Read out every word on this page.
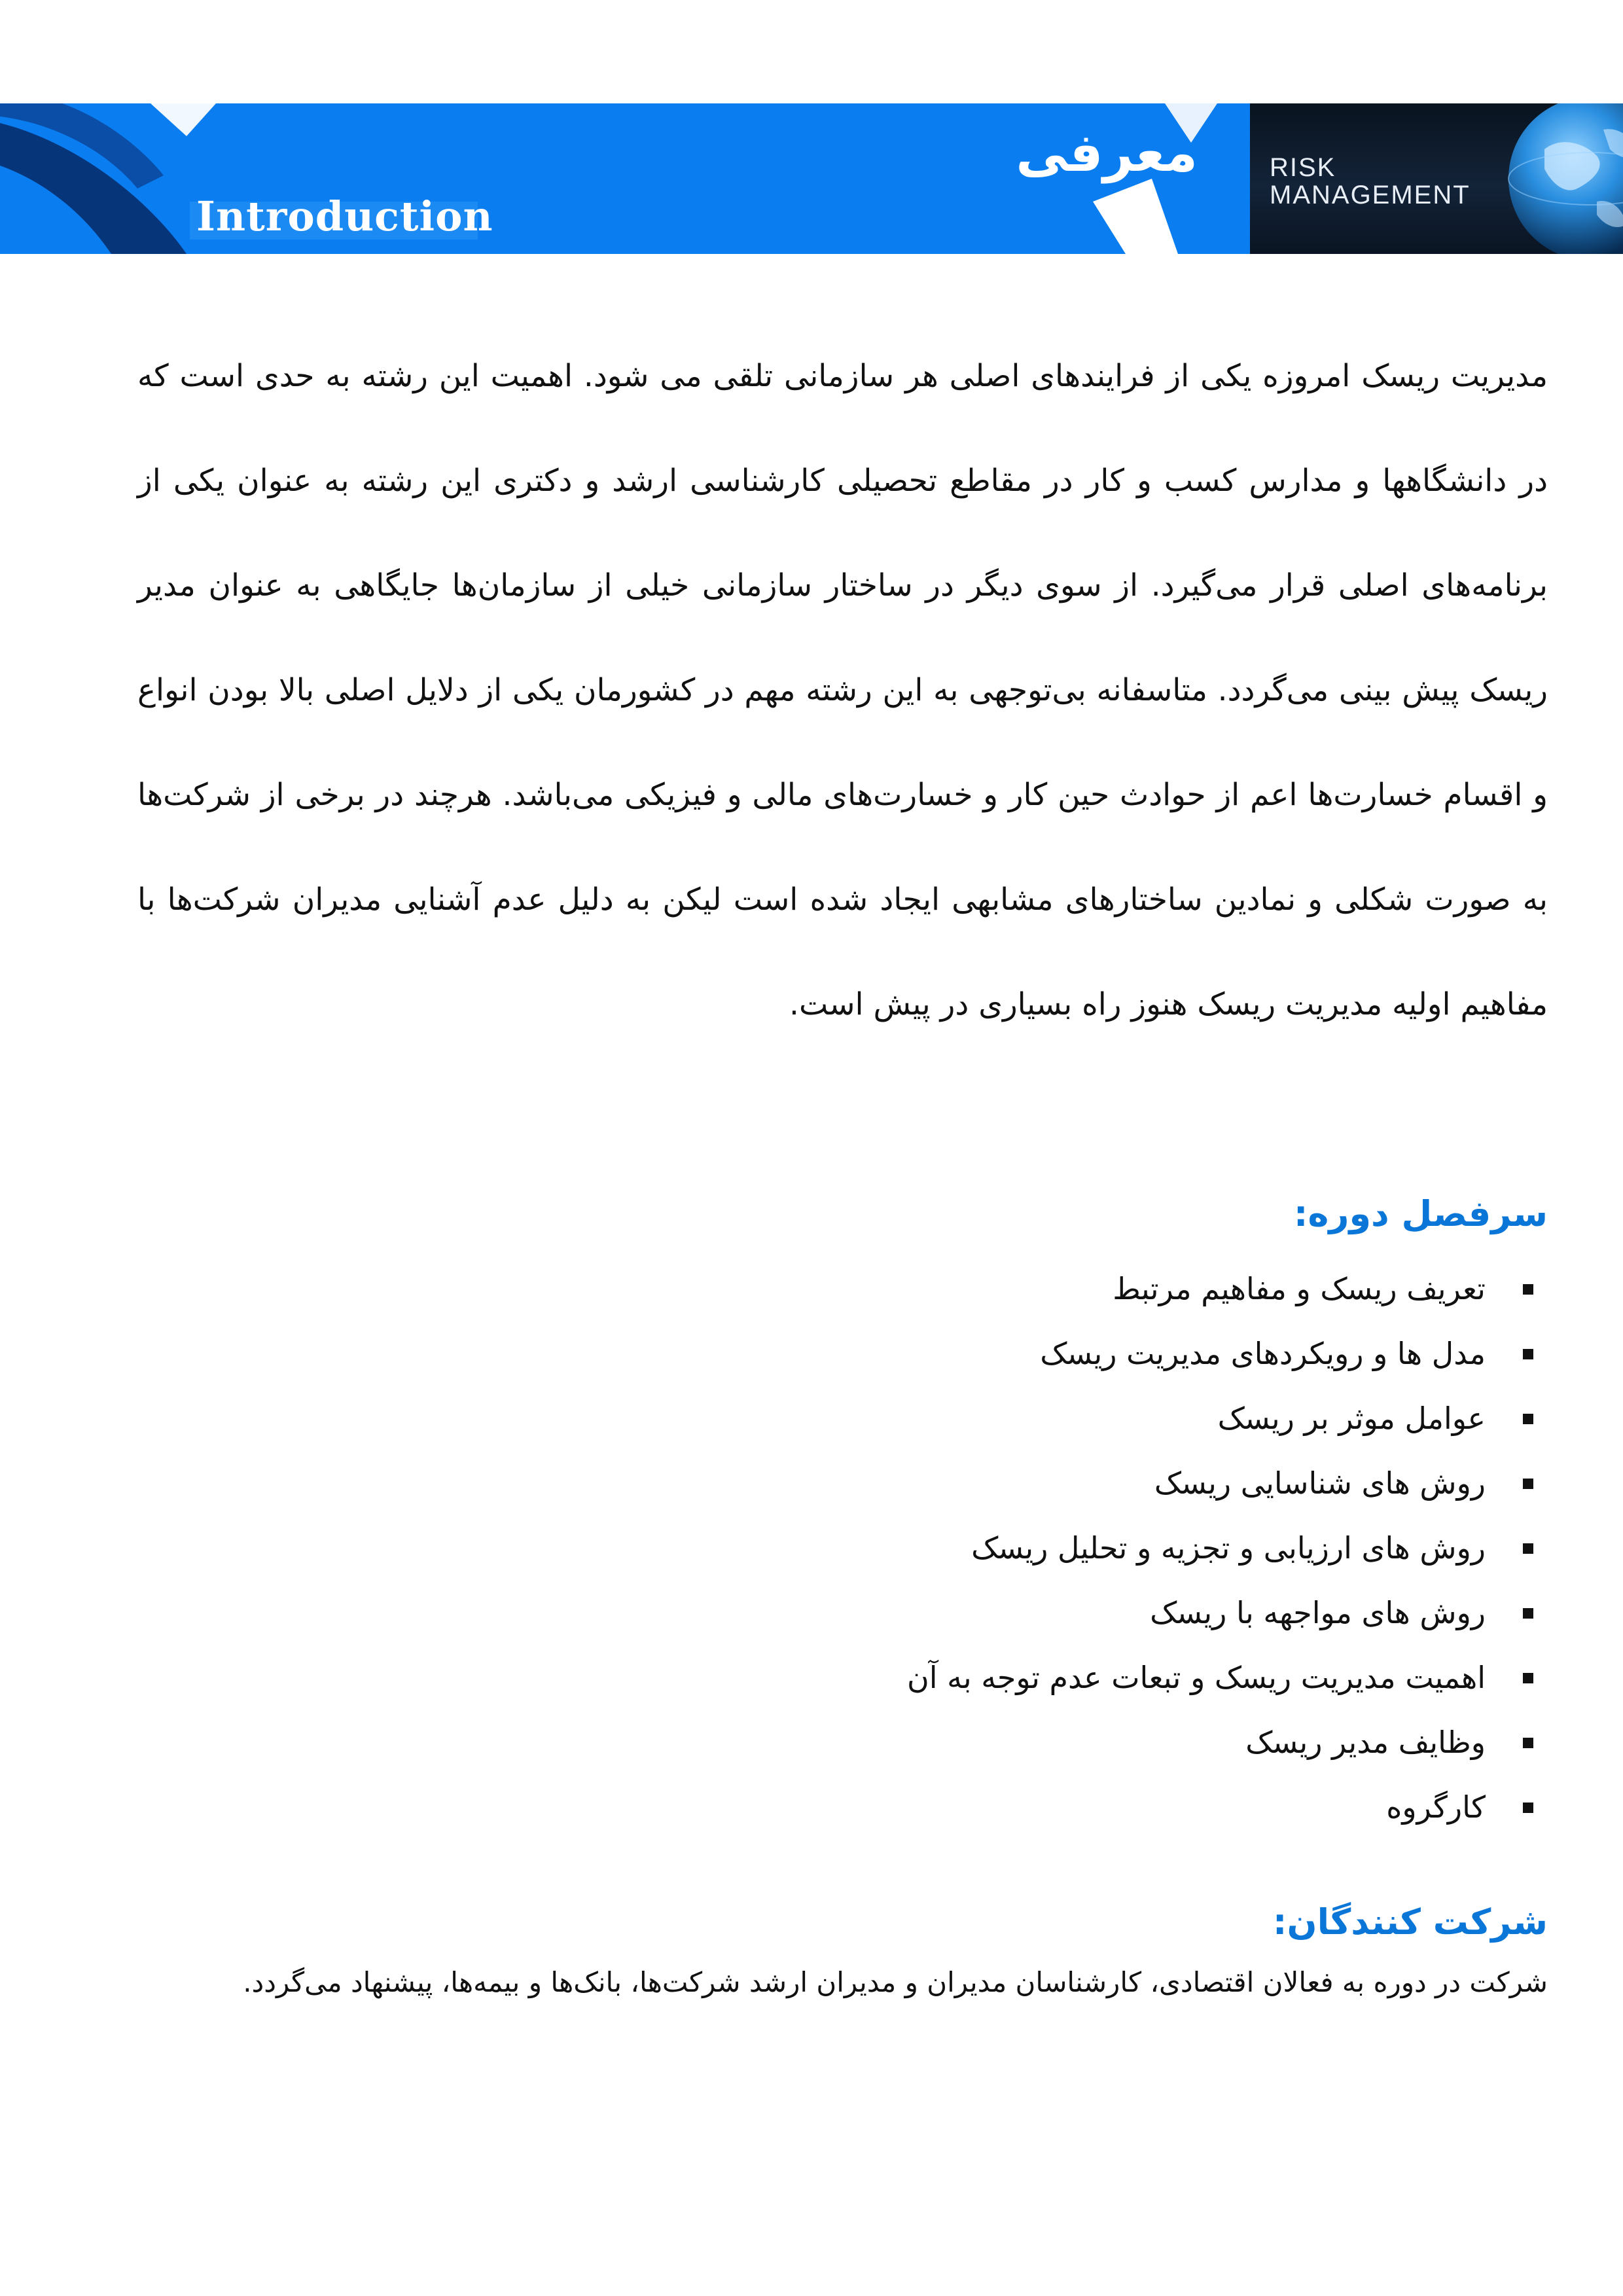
Introduction
معرفی	RISK
MANAGEMENT
مدیریت ریسک امروزه یکی از فرایندهای اصلی هر سازمانی تلقی می شود. اهمیت این رشته به حدی است که در دانشگاهها و مدارس کسب و کار در مقاطع تحصیلی کارشناسی ارشد و دکتری این رشته به عنوان یکی از برنامه‌های اصلی قرار می‌گیرد. از سوی دیگر در ساختار سازمانی خیلی از سازمان‌ها جایگاهی به عنوان مدیر ریسک پیش بینی می‌گردد. متاسفانه بی‌توجهی به این رشته مهم در کشورمان یکی از دلایل اصلی بالا بودن انواع و اقسام خسارت‌ها اعم از حوادث حین کار و خسارت‌های مالی و فیزیکی می‌باشد. هرچند در برخی از شرکت‌ها به صورت شکلی و نمادین ساختارهای مشابهی ایجاد شده است لیکن به دلیل عدم آشنایی مدیران شرکت‌ها با مفاهیم اولیه مدیریت ریسک هنوز راه بسیاری در پیش است.
سرفصل دوره:
تعریف ریسک و مفاهیم مرتبط
مدل ها و رویکردهای مدیریت ریسک
عوامل موثر بر ریسک
روش های شناسایی ریسک
روش های ارزیابی و تجزیه و تحلیل ریسک
روش های مواجهه با ریسک
اهمیت مدیریت ریسک و تبعات عدم توجه به آن
وظایف مدیر ریسک
کارگروه
شرکت کنندگان:
شرکت در دوره به فعالان اقتصادی، کارشناسان مدیران و مدیران ارشد شرکت‌ها، بانک‌ها و بیمه‌ها، پیشنهاد می‌گردد.
